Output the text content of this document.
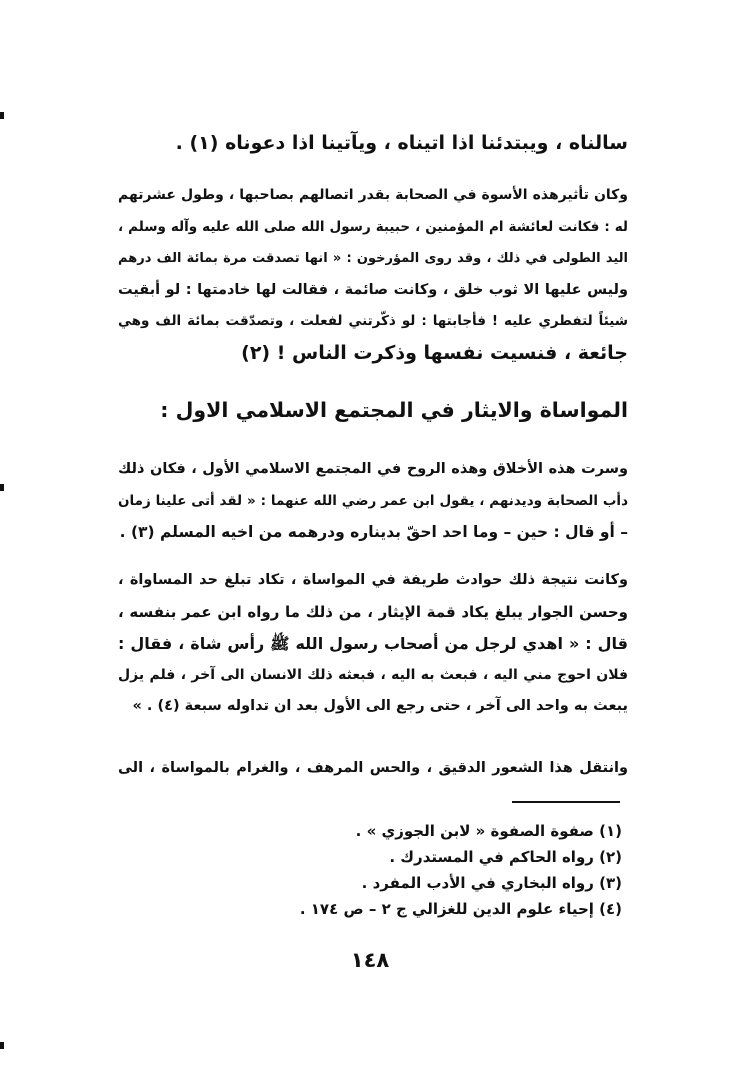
سالناه ، ويبتدئنا اذا اتيناه ، ويآتينا اذا دعوناه (١) .
وكان تأثيرهذه الأسوة في الصحابة بقدر اتصالهم بصاحبها ، وطول عشرتهم
له : فكانت لعائشة ام المؤمنين ، حبيبة رسول الله صلى الله عليه وآله وسلم ،
اليد الطولى في ذلك ، وقد روى المؤرخون : « انها تصدقت مرة بمائة الف درهم
وليس عليها الا ثوب خلق ، وكانت صائمة ، فقالت لها خادمتها : لو أبقيت
شيئاً لتفطري عليه ! فأجابتها : لو ذكّرتني لفعلت ، وتصدّقت بمائة الف وهي
جائعة ، فنسيت نفسها وذكرت الناس ! (٢)
المواساة والايثار في المجتمع الاسلامي الاول :
وسرت هذه الأخلاق وهذه الروح في المجتمع الاسلامي الأول ، فكان ذلك
دأب الصحابة وديدنهم ، يقول ابن عمر رضي الله عنهما : « لقد أتى علينا زمان
– أو قال : حين – وما احد احقّ بديناره ودرهمه من اخيه المسلم (٣) .
وكانت نتيجة ذلك حوادث طريفة في المواساة ، تكاد تبلغ حد المساواة ،
وحسن الجوار يبلغ يكاد قمة الإيثار ، من ذلك ما رواه ابن عمر بنفسه ،
قال : « اهدي لرجل من أصحاب رسول الله ﷺ رأس شاة ، فقال :
فلان احوج مني اليه ، فبعث به اليه ، فبعثه ذلك الانسان الى آخر ، فلم يزل
يبعث به واحد الى آخر ، حتى رجع الى الأول بعد ان تداوله سبعة (٤) . »
وانتقل هذا الشعور الدقيق ، والحس المرهف ، والغرام بالمواساة ، الى
(١) صفوة الصفوة « لابن الجوزي » .
(٢) رواه الحاكم في المستدرك .
(٣) رواه البخاري في الأدب المفرد .
(٤) إحياء علوم الدين للغزالي ج ٢ – ص ١٧٤ .
١٤٨
